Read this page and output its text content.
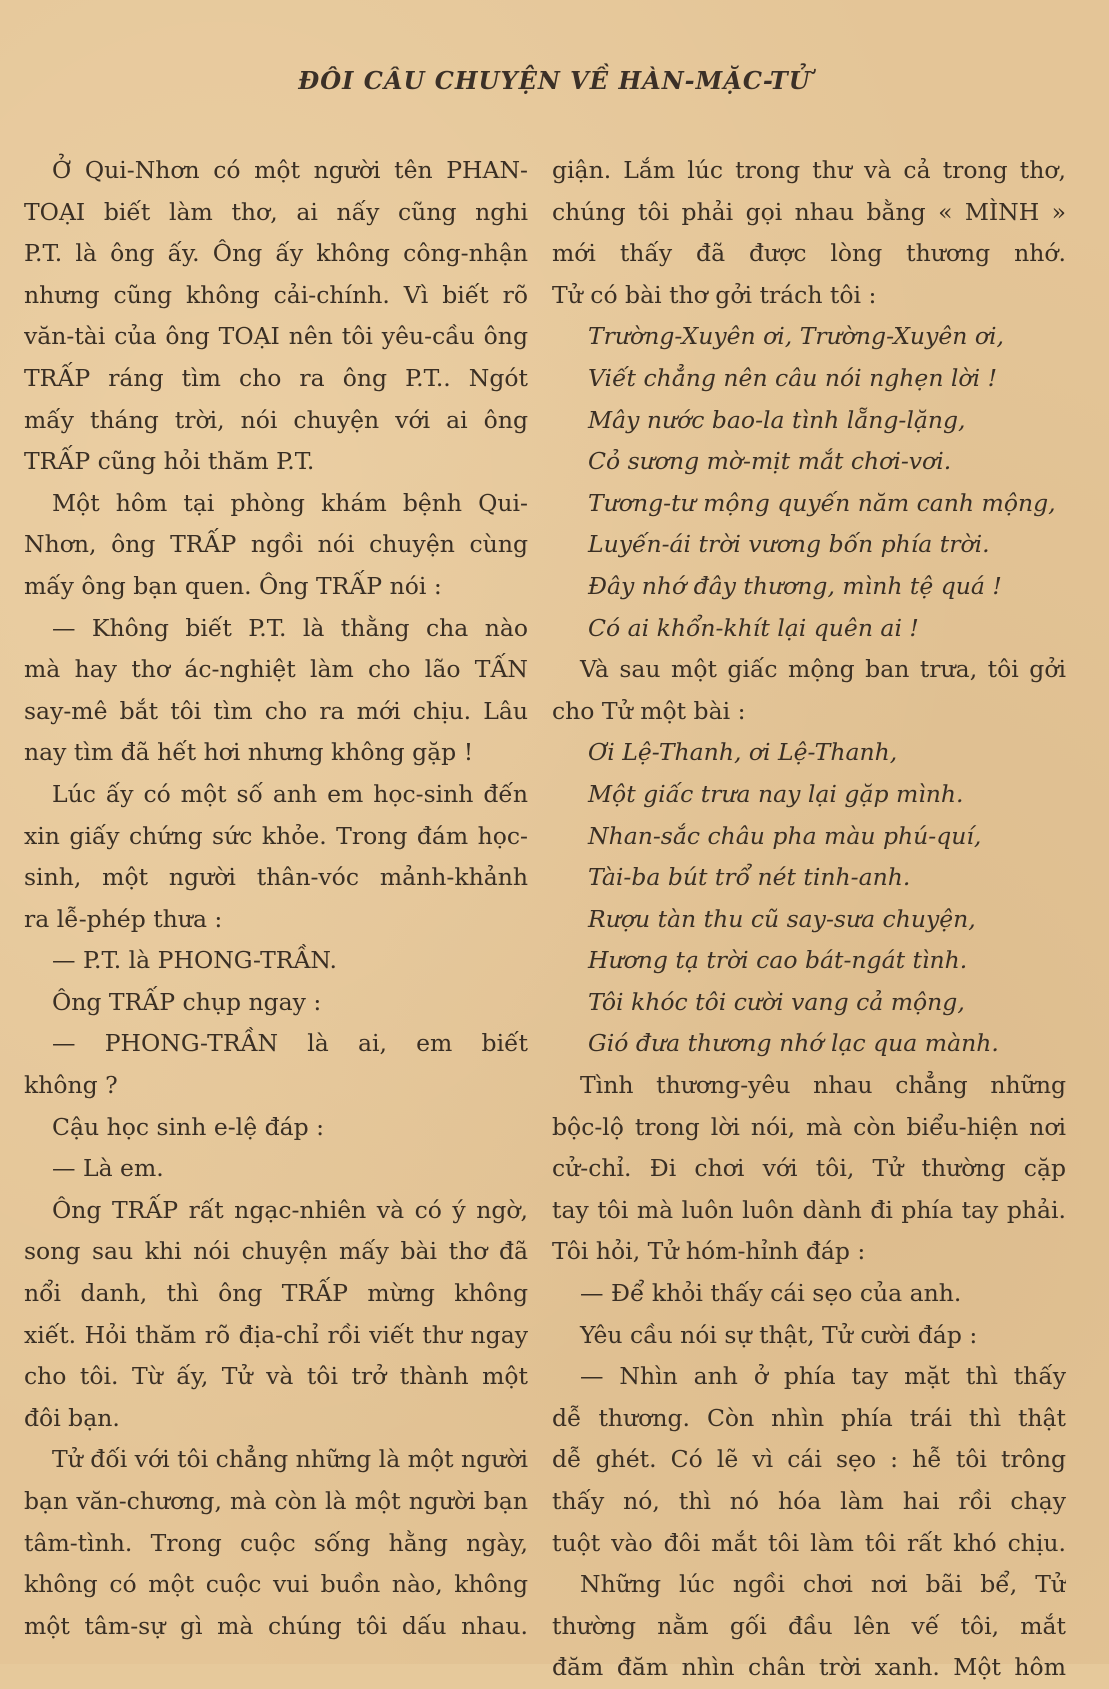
ĐÔI CÂU CHUYỆN VỀ HÀN-MẶC-TỬ
Ở Qui-Nhơn có một người tên PHAN-
TOẠI biết làm thơ, ai nấy cũng nghi
P.T. là ông ấy. Ông ấy không công-nhận
nhưng cũng không cải-chính. Vì biết rõ
văn-tài của ông TOẠI nên tôi yêu-cầu ông
TRẤP ráng tìm cho ra ông P.T.. Ngót
mấy tháng trời, nói chuyện với ai ông
TRẤP cũng hỏi thăm P.T.
Một hôm tại phòng khám bệnh Qui-
Nhơn, ông TRẤP ngồi nói chuyện cùng
mấy ông bạn quen. Ông TRẤP nói :
— Không biết P.T. là thằng cha nào
mà hay thơ ác-nghiệt làm cho lão TẤN
say-mê bắt tôi tìm cho ra mới chịu. Lâu
nay tìm đã hết hơi nhưng không gặp !
Lúc ấy có một số anh em học-sinh đến
xin giấy chứng sức khỏe. Trong đám học-
sinh, một người thân-vóc mảnh-khảnh
ra lễ-phép thưa :
— P.T. là PHONG-TRẦN.
Ông TRẤP chụp ngay :
— PHONG-TRẦN là ai, em biết
không ?
Cậu học sinh e-lệ đáp :
— Là em.
Ông TRẤP rất ngạc-nhiên và có ý ngờ,
song sau khi nói chuyện mấy bài thơ đã
nổi danh, thì ông TRẤP mừng không
xiết. Hỏi thăm rõ địa-chỉ rồi viết thư ngay
cho tôi. Từ ấy, Tử và tôi trở thành một
đôi bạn.
Tử đối với tôi chẳng những là một người
bạn văn-chương, mà còn là một người bạn
tâm-tình. Trong cuộc sống hằng ngày,
không có một cuộc vui buồn nào, không
một tâm-sự gì mà chúng tôi dấu nhau.
giận. Lắm lúc trong thư và cả trong thơ,
chúng tôi phải gọi nhau bằng « MÌNH »
mới thấy đã được lòng thương nhớ.
Tử có bài thơ gởi trách tôi :
Trường-Xuyên ơi, Trường-Xuyên ơi,
Viết chẳng nên câu nói nghẹn lời !
Mây nước bao-la tình lẵng-lặng,
Cỏ sương mờ-mịt mắt chơi-vơi.
Tương-tư mộng quyến năm canh mộng,
Luyến-ái trời vương bốn phía trời.
Đây nhớ đây thương, mình tệ quá !
Có ai khổn-khít lại quên ai !
Và sau một giấc mộng ban trưa, tôi gởi
cho Tử một bài :
Ơi Lệ-Thanh, ơi Lệ-Thanh,
Một giấc trưa nay lại gặp mình.
Nhan-sắc châu pha màu phú-quí,
Tài-ba bút trổ nét tinh-anh.
Rượu tàn thu cũ say-sưa chuyện,
Hương tạ trời cao bát-ngát tình.
Tôi khóc tôi cười vang cả mộng,
Gió đưa thương nhớ lạc qua mành.
Tình thương-yêu nhau chẳng những
bộc-lộ trong lời nói, mà còn biểu-hiện nơi
cử-chỉ. Đi chơi với tôi, Tử thường cặp
tay tôi mà luôn luôn dành đi phía tay phải.
Tôi hỏi, Tử hóm-hỉnh đáp :
— Để khỏi thấy cái sẹo của anh.
Yêu cầu nói sự thật, Tử cười đáp :
— Nhìn anh ở phía tay mặt thì thấy
dễ thương. Còn nhìn phía trái thì thật
dễ ghét. Có lẽ vì cái sẹo : hễ tôi trông
thấy nó, thì nó hóa làm hai rồi chạy
tuột vào đôi mắt tôi làm tôi rất khó chịu.
Những lúc ngồi chơi nơi bãi bể, Tử
thường nằm gối đầu lên vế tôi, mắt
đăm đăm nhìn chân trời xanh. Một hôm
